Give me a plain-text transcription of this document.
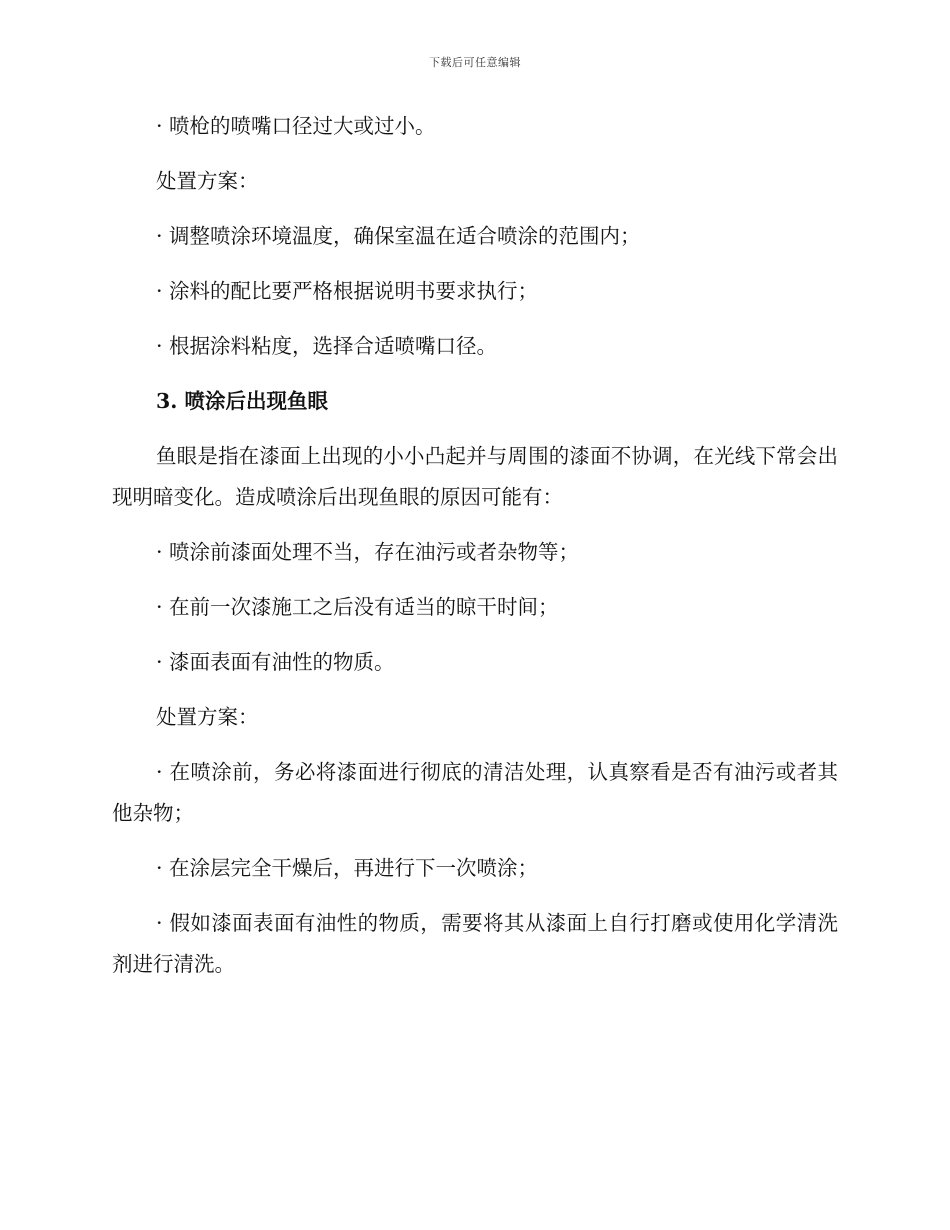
下载后可任意编辑

· 喷枪的喷嘴口径过大或过小。

处置方案：

· 调整喷涂环境温度，确保室温在适合喷涂的范围内；

· 涂料的配比要严格根据说明书要求执行；

· 根据涂料粘度，选择合适喷嘴口径。

3. 喷涂后出现鱼眼

鱼眼是指在漆面上出现的小小凸起并与周围的漆面不协调，在光线下常会出现明暗变化。造成喷涂后出现鱼眼的原因可能有：

· 喷涂前漆面处理不当，存在油污或者杂物等；

· 在前一次漆施工之后没有适当的晾干时间；

· 漆面表面有油性的物质。

处置方案：

· 在喷涂前，务必将漆面进行彻底的清洁处理，认真察看是否有油污或者其他杂物；

· 在涂层完全干燥后，再进行下一次喷涂；

· 假如漆面表面有油性的物质，需要将其从漆面上自行打磨或使用化学清洗剂进行清洗。
